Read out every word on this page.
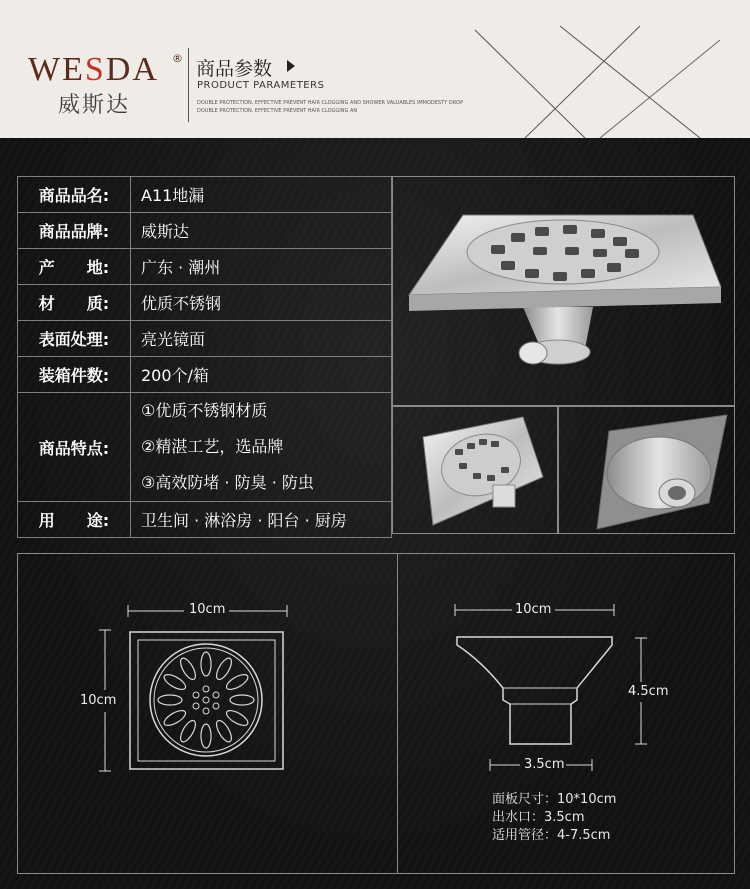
WESDA ®
威斯达
商品参数
PRODUCT PARAMETERS
DOUBLE PROTECTION, EFFECTIVE PREVENT HAIR CLOGGING AND SHOWER VALUABLES IMMODESTY DROP
DOUBLE PROTECTION, EFFECTIVE PREVENT HAIR CLOGGING AN
商品品名:	A11地漏
商品品牌:	威斯达
产　　地:	广东 · 潮州
材　　质:	优质不锈钢
表面处理:	亮光镜面
装箱件数:	200个/箱
商品特点:	①优质不锈钢材质
②精湛工艺，选品牌
③高效防堵 · 防臭 · 防虫

用　　途:	卫生间 · 淋浴房 · 阳台 · 厨房
10cm
10cm
10cm
4.5cm
3.5cm
面板尺寸：10*10cm
出水口：3.5cm
适用管径：4-7.5cm
